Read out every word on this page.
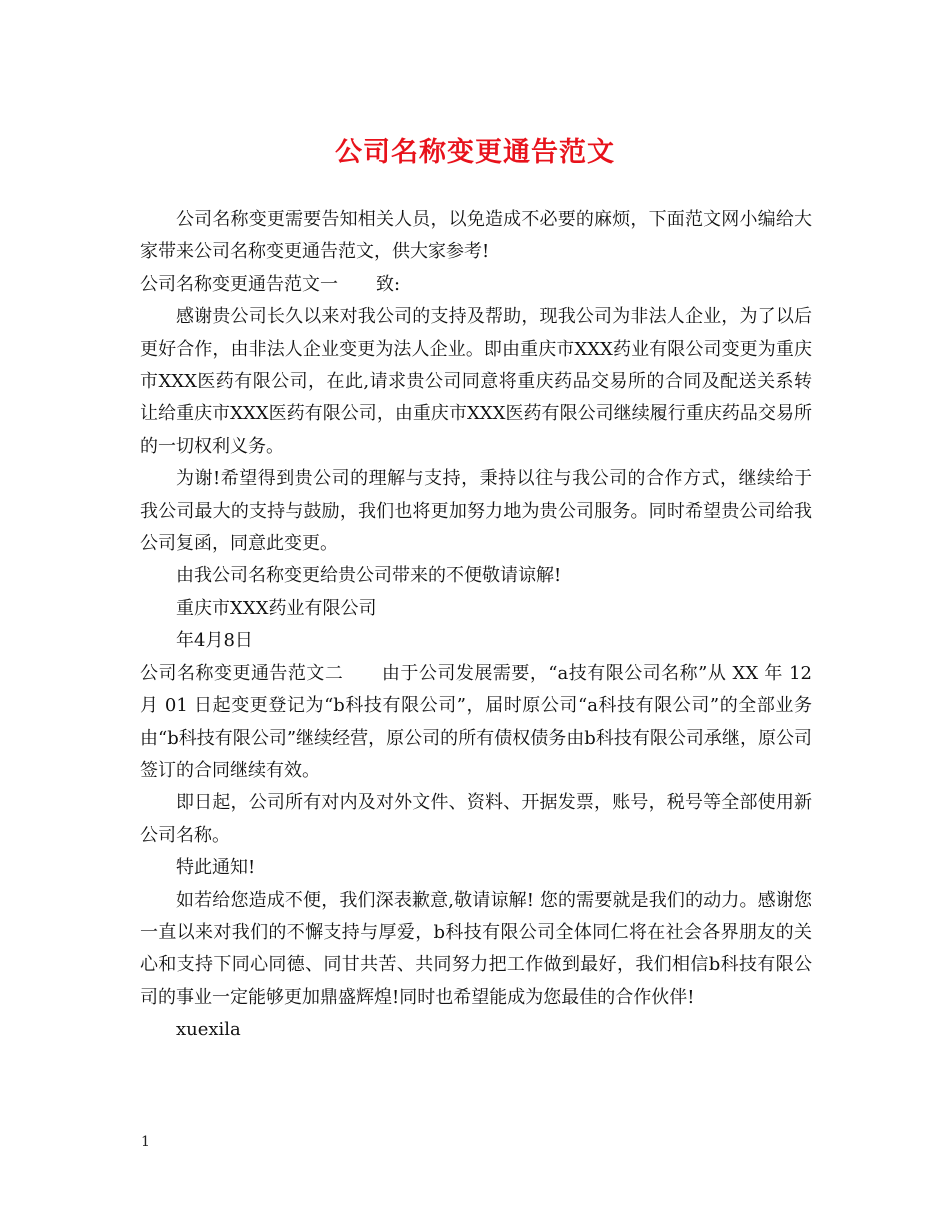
公司名称变更通告范文

公司名称变更需要告知相关人员，以免造成不必要的麻烦，下面范文网小编给大家带来公司名称变更通告范文，供大家参考!

公司名称变更通告范文一 致:

感谢贵公司长久以来对我公司的支持及帮助，现我公司为非法人企业，为了以后更好合作，由非法人企业变更为法人企业。即由重庆市XXX药业有限公司变更为重庆市XXX医药有限公司，在此,请求贵公司同意将重庆药品交易所的合同及配送关系转让给重庆市XXX医药有限公司，由重庆市XXX医药有限公司继续履行重庆药品交易所的一切权利义务。

为谢!希望得到贵公司的理解与支持，秉持以往与我公司的合作方式，继续给于我公司最大的支持与鼓励，我们也将更加努力地为贵公司服务。同时希望贵公司给我公司复函，同意此变更。

由我公司名称变更给贵公司带来的不便敬请谅解!

重庆市XXX药业有限公司

年4月8日

公司名称变更通告范文二 由于公司发展需要，“a技有限公司名称”从 XX 年 12 月 01 日起变更登记为“b科技有限公司”，届时原公司“a科技有限公司”的全部业务由“b科技有限公司”继续经营，原公司的所有债权债务由b科技有限公司承继，原公司签订的合同继续有效。

即日起，公司所有对内及对外文件、资料、开据发票，账号，税号等全部使用新公司名称。

特此通知!

如若给您造成不便，我们深表歉意,敬请谅解! 您的需要就是我们的动力。感谢您一直以来对我们的不懈支持与厚爱，b科技有限公司全体同仁将在社会各界朋友的关心和支持下同心同德、同甘共苦、共同努力把工作做到最好，我们相信b科技有限公司的事业一定能够更加鼎盛辉煌!同时也希望能成为您最佳的合作伙伴!

xuexila

1
